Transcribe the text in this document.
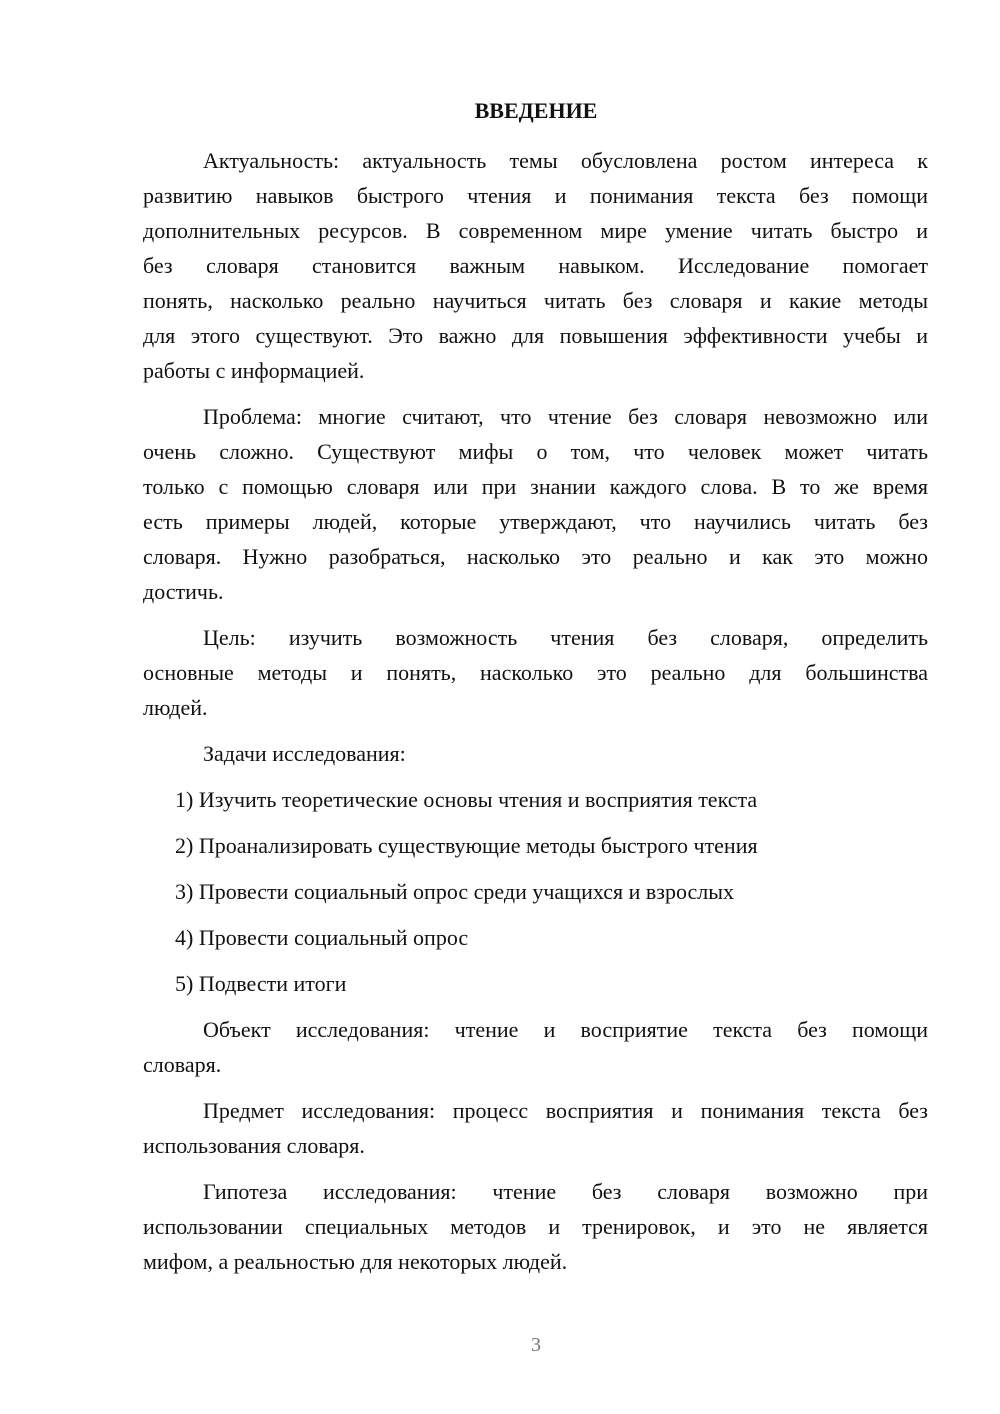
ВВЕДЕНИЕ
Актуальность: актуальность темы обусловлена ростом интереса к
развитию навыков быстрого чтения и понимания текста без помощи
дополнительных ресурсов. В современном мире умение читать быстро и
без словаря становится важным навыком. Исследование помогает
понять, насколько реально научиться читать без словаря и какие методы
для этого существуют. Это важно для повышения эффективности учебы и
работы с информацией.
Проблема: многие считают, что чтение без словаря невозможно или
очень сложно. Существуют мифы о том, что человек может читать
только с помощью словаря или при знании каждого слова. В то же время
есть примеры людей, которые утверждают, что научились читать без
словаря. Нужно разобраться, насколько это реально и как это можно
достичь.
Цель: изучить возможность чтения без словаря, определить
основные методы и понять, насколько это реально для большинства
людей.
Задачи исследования:
1) Изучить теоретические основы чтения и восприятия текста
2) Проанализировать существующие методы быстрого чтения
3) Провести социальный опрос среди учащихся и взрослых
4) Провести социальный опрос
5) Подвести итоги
Объект исследования: чтение и восприятие текста без помощи
словаря.
Предмет исследования: процесс восприятия и понимания текста без
использования словаря.
Гипотеза исследования: чтение без словаря возможно при
использовании специальных методов и тренировок, и это не является
мифом, а реальностью для некоторых людей.
3
